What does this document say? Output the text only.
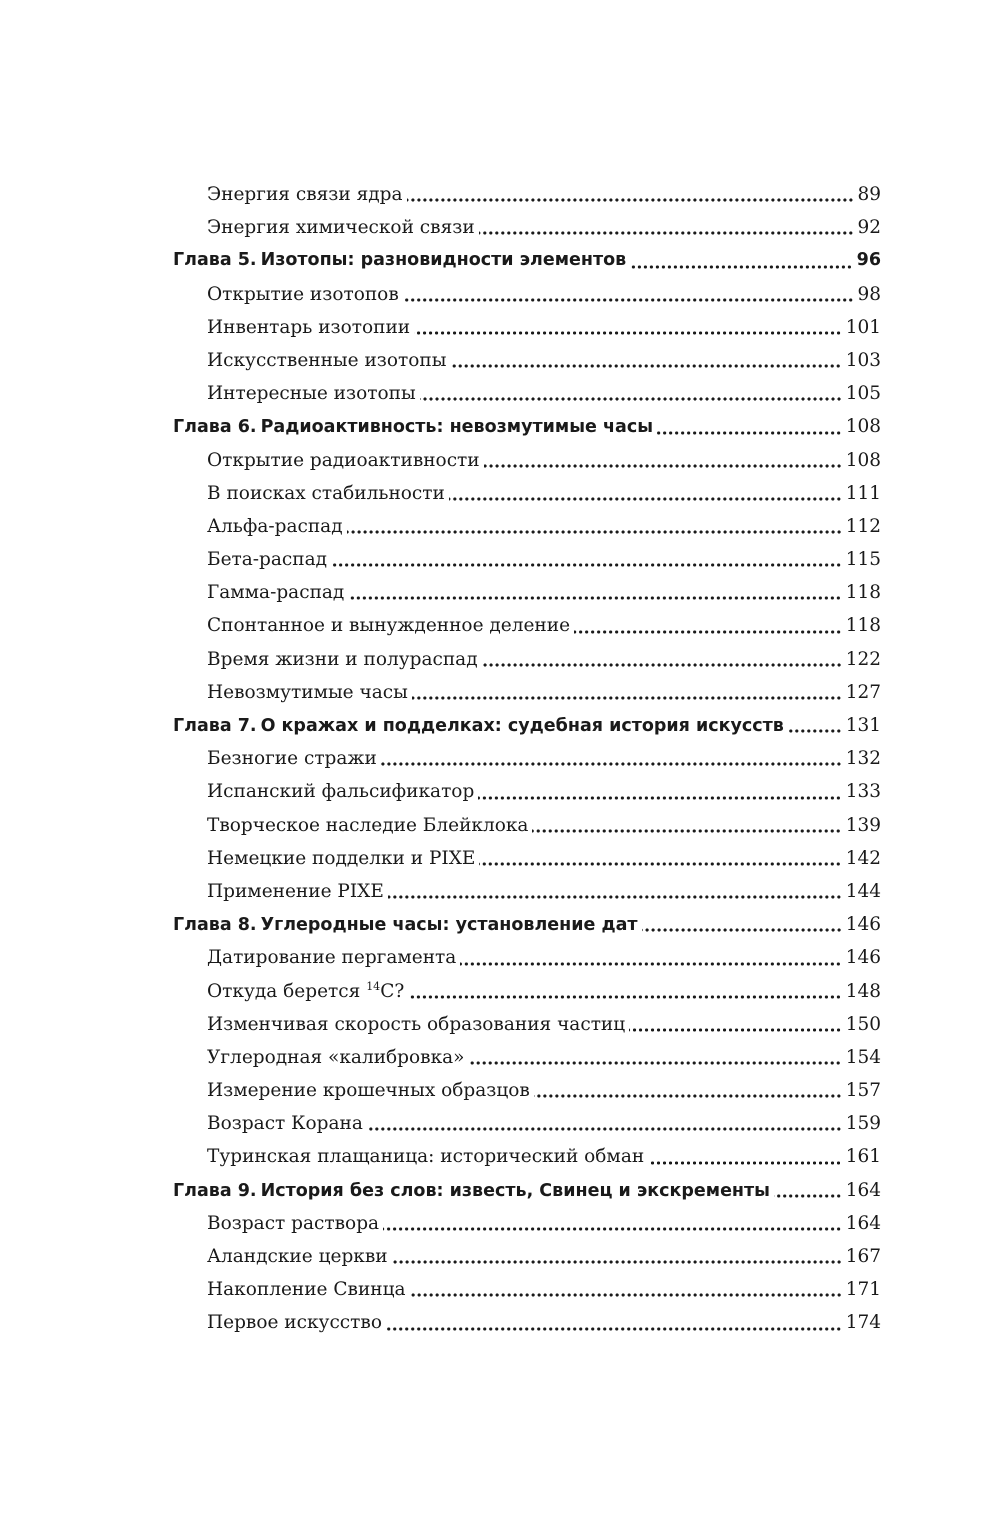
Энергия связи ядра	89
Энергия химической связи	92
Глава 5. Изотопы: разновидности элементов	96
Открытие изотопов	98
Инвентарь изотопии	101
Искусственные изотопы	103
Интересные изотопы	105
Глава 6. Радиоактивность: невозмутимые часы	108
Открытие радиоактивности	108
В поисках стабильности	111
Альфа-распад	112
Бета-распад	115
Гамма-распад	118
Спонтанное и вынужденное деление	118
Время жизни и полураспад	122
Невозмутимые часы	127
Глава 7. О кражах и подделках: судебная история искусств	131
Безногие стражи	132
Испанский фальсификатор	133
Творческое наследие Блейклока	139
Немецкие подделки и PIXE	142
Применение PIXE	144
Глава 8. Углеродные часы: установление дат	146
Датирование пергамента	146
Откуда берется $^{14}$C?	148
Изменчивая скорость образования частиц	150
Углеродная «калибровка»	154
Измерение крошечных образцов	157
Возраст Корана	159
Туринская плащаница: исторический обман	161
Глава 9. История без слов: известь, Свинец и экскременты	164
Возраст раствора	164
Аландские церкви	167
Накопление Свинца	171
Первое искусство	174
